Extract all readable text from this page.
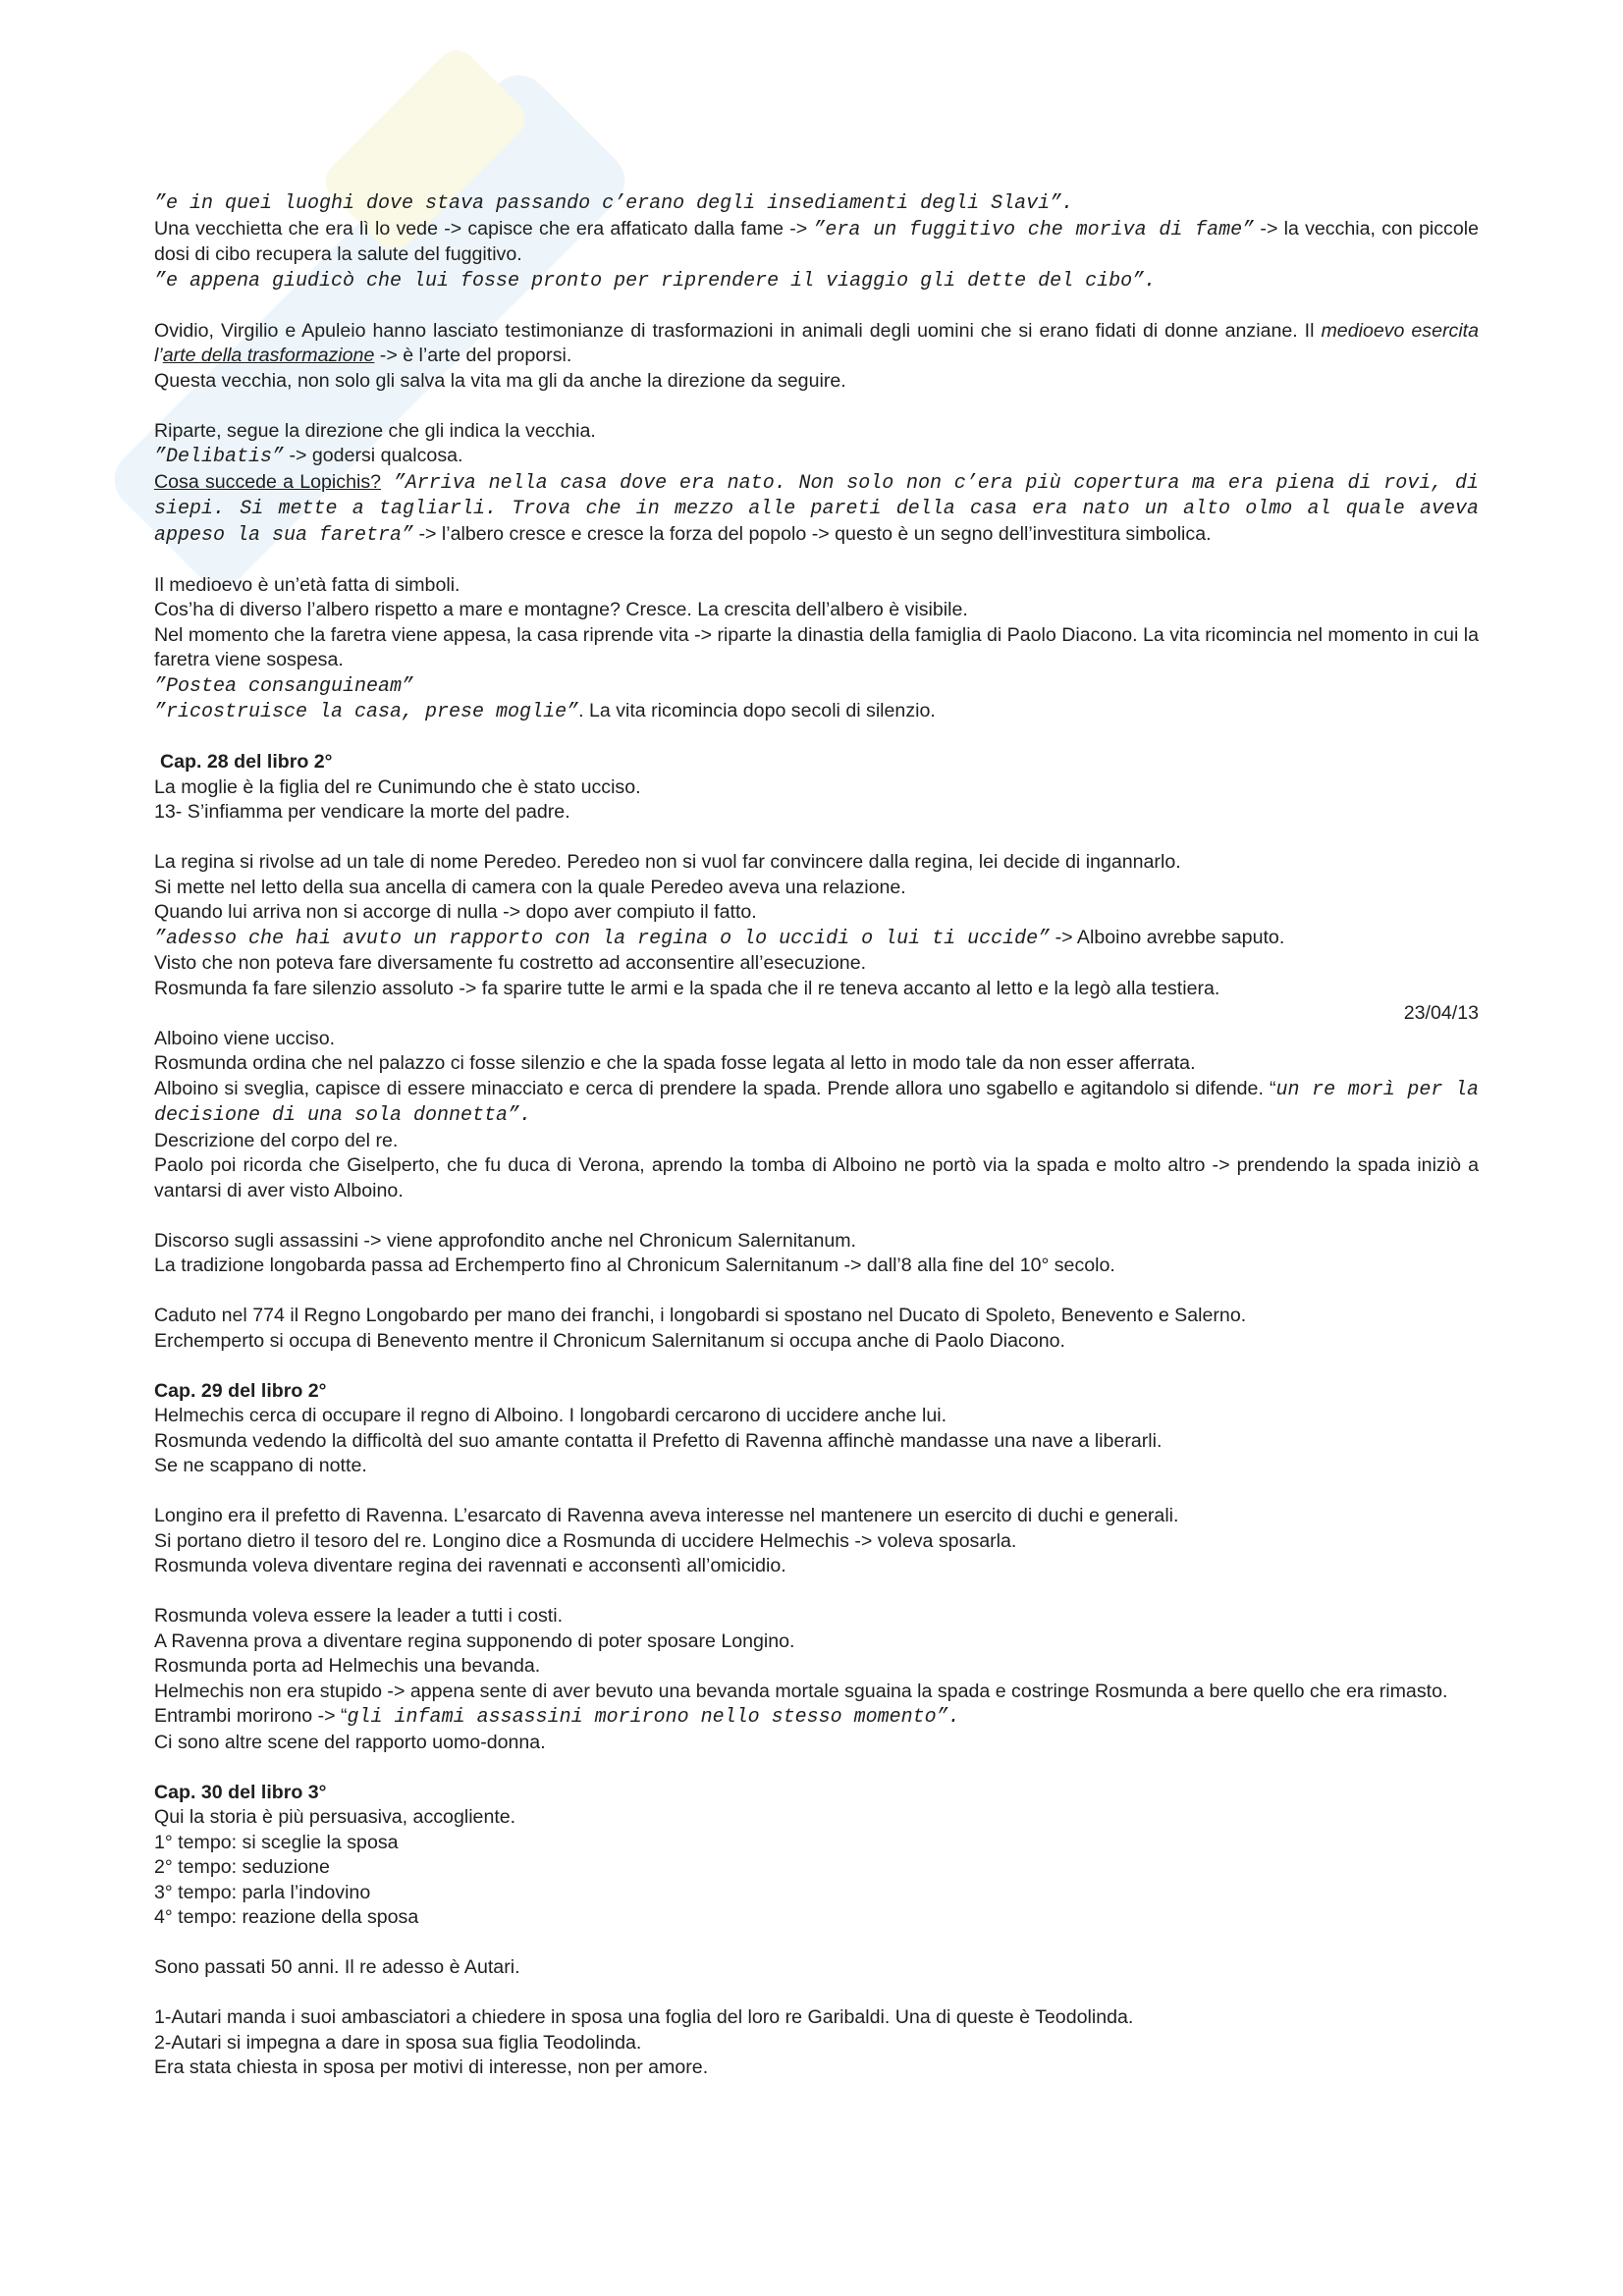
”e in quei luoghi dove stava passando c’erano degli insediamenti degli Slavi”.

Una vecchietta che era lì lo vede -> capisce che era affaticato dalla fame -> ”era un fuggitivo che moriva di fame” -> la vecchia, con piccole dosi di cibo recupera la salute del fuggitivo.

”e appena giudicò che lui fosse pronto per riprendere il viaggio gli dette del cibo”.

Ovidio, Virgilio e Apuleio hanno lasciato testimonianze di trasformazioni in animali degli uomini che si erano fidati di donne anziane. Il medioevo esercita l’arte della trasformazione -> è l’arte del proporsi.

Questa vecchia, non solo gli salva la vita ma gli da anche la direzione da seguire.

Riparte, segue la direzione che gli indica la vecchia.

”Delibatis” -> godersi qualcosa.

Cosa succede a Lopichis? ”Arriva nella casa dove era nato. Non solo non c’era più copertura ma era piena di rovi, di siepi. Si mette a tagliarli. Trova che in mezzo alle pareti della casa era nato un alto olmo al quale aveva appeso la sua faretra” -> l’albero cresce e cresce la forza del popolo -> questo è un segno dell’investitura simbolica.

Il medioevo è un’età fatta di simboli.

Cos’ha di diverso l’albero rispetto a mare e montagne? Cresce. La crescita dell’albero è visibile.

Nel momento che la faretra viene appesa, la casa riprende vita -> riparte la dinastia della famiglia di Paolo Diacono. La vita ricomincia nel momento in cui la faretra viene sospesa.

”Postea consanguineam”

”ricostruisce la casa, prese moglie”. La vita ricomincia dopo secoli di silenzio.

Cap. 28 del libro 2°

La moglie è la figlia del re Cunimundo che è stato ucciso.

13- S’infiamma per vendicare la morte del padre.

La regina si rivolse ad un tale di nome Peredeo. Peredeo non si vuol far convincere dalla regina, lei decide di ingannarlo.

Si mette nel letto della sua ancella di camera con la quale Peredeo aveva una relazione.

Quando lui arriva non si accorge di nulla -> dopo aver compiuto il fatto.

”adesso che hai avuto un rapporto con la regina o lo uccidi o lui ti uccide” -> Alboino avrebbe saputo.

Visto che non poteva fare diversamente fu costretto ad acconsentire all’esecuzione.

Rosmunda fa fare silenzio assoluto -> fa sparire tutte le armi e la spada che il re teneva accanto al letto e la legò alla testiera.

23/04/13

Alboino viene ucciso.

Rosmunda ordina che nel palazzo ci fosse silenzio e che la spada fosse legata al letto in modo tale da non esser afferrata.

Alboino si sveglia, capisce di essere minacciato e cerca di prendere la spada. Prende allora uno sgabello e agitandolo si difende. “un re morì per la decisione di una sola donnetta”.

Descrizione del corpo del re.

Paolo poi ricorda che Giselperto, che fu duca di Verona, aprendo la tomba di Alboino ne portò via la spada e molto altro -> prendendo la spada iniziò a vantarsi di aver visto Alboino.

Discorso sugli assassini -> viene approfondito anche nel Chronicum Salernitanum.

La tradizione longobarda passa ad Erchemperto fino al Chronicum Salernitanum -> dall’8 alla fine del 10° secolo.

Caduto nel 774 il Regno Longobardo per mano dei franchi, i longobardi si spostano nel Ducato di Spoleto, Benevento e Salerno.

Erchemperto si occupa di Benevento mentre il Chronicum Salernitanum si occupa anche di Paolo Diacono.

Cap. 29 del libro 2°

Helmechis cerca di occupare il regno di Alboino. I longobardi cercarono di uccidere anche lui.

Rosmunda vedendo la difficoltà del suo amante contatta il Prefetto di Ravenna affinchè mandasse una nave a liberarli.

Se ne scappano di notte.

Longino era il prefetto di Ravenna. L’esarcato di Ravenna aveva interesse nel mantenere un esercito di duchi e generali.

Si portano dietro il tesoro del re. Longino dice a Rosmunda di uccidere Helmechis -> voleva sposarla.

Rosmunda voleva diventare regina dei ravennati e acconsentì all’omicidio.

Rosmunda voleva essere la leader a tutti i costi.

A Ravenna prova a diventare regina supponendo di poter sposare Longino.

Rosmunda porta ad Helmechis una bevanda.

Helmechis non era stupido -> appena sente di aver bevuto una bevanda mortale sguaina la spada e costringe Rosmunda a bere quello che era rimasto.

Entrambi morirono -> “gli infami assassini morirono nello stesso momento”.

Ci sono altre scene del rapporto uomo-donna.

Cap. 30 del libro 3°

Qui la storia è più persuasiva, accogliente.

1° tempo: si sceglie la sposa

2° tempo: seduzione

3° tempo: parla l’indovino

4° tempo: reazione della sposa

Sono passati 50 anni. Il re adesso è Autari.

1-Autari manda i suoi ambasciatori a chiedere in sposa una foglia del loro re Garibaldi. Una di queste è Teodolinda.

2-Autari si impegna a dare in sposa sua figlia Teodolinda.

Era stata chiesta in sposa per motivi di interesse, non per amore.
